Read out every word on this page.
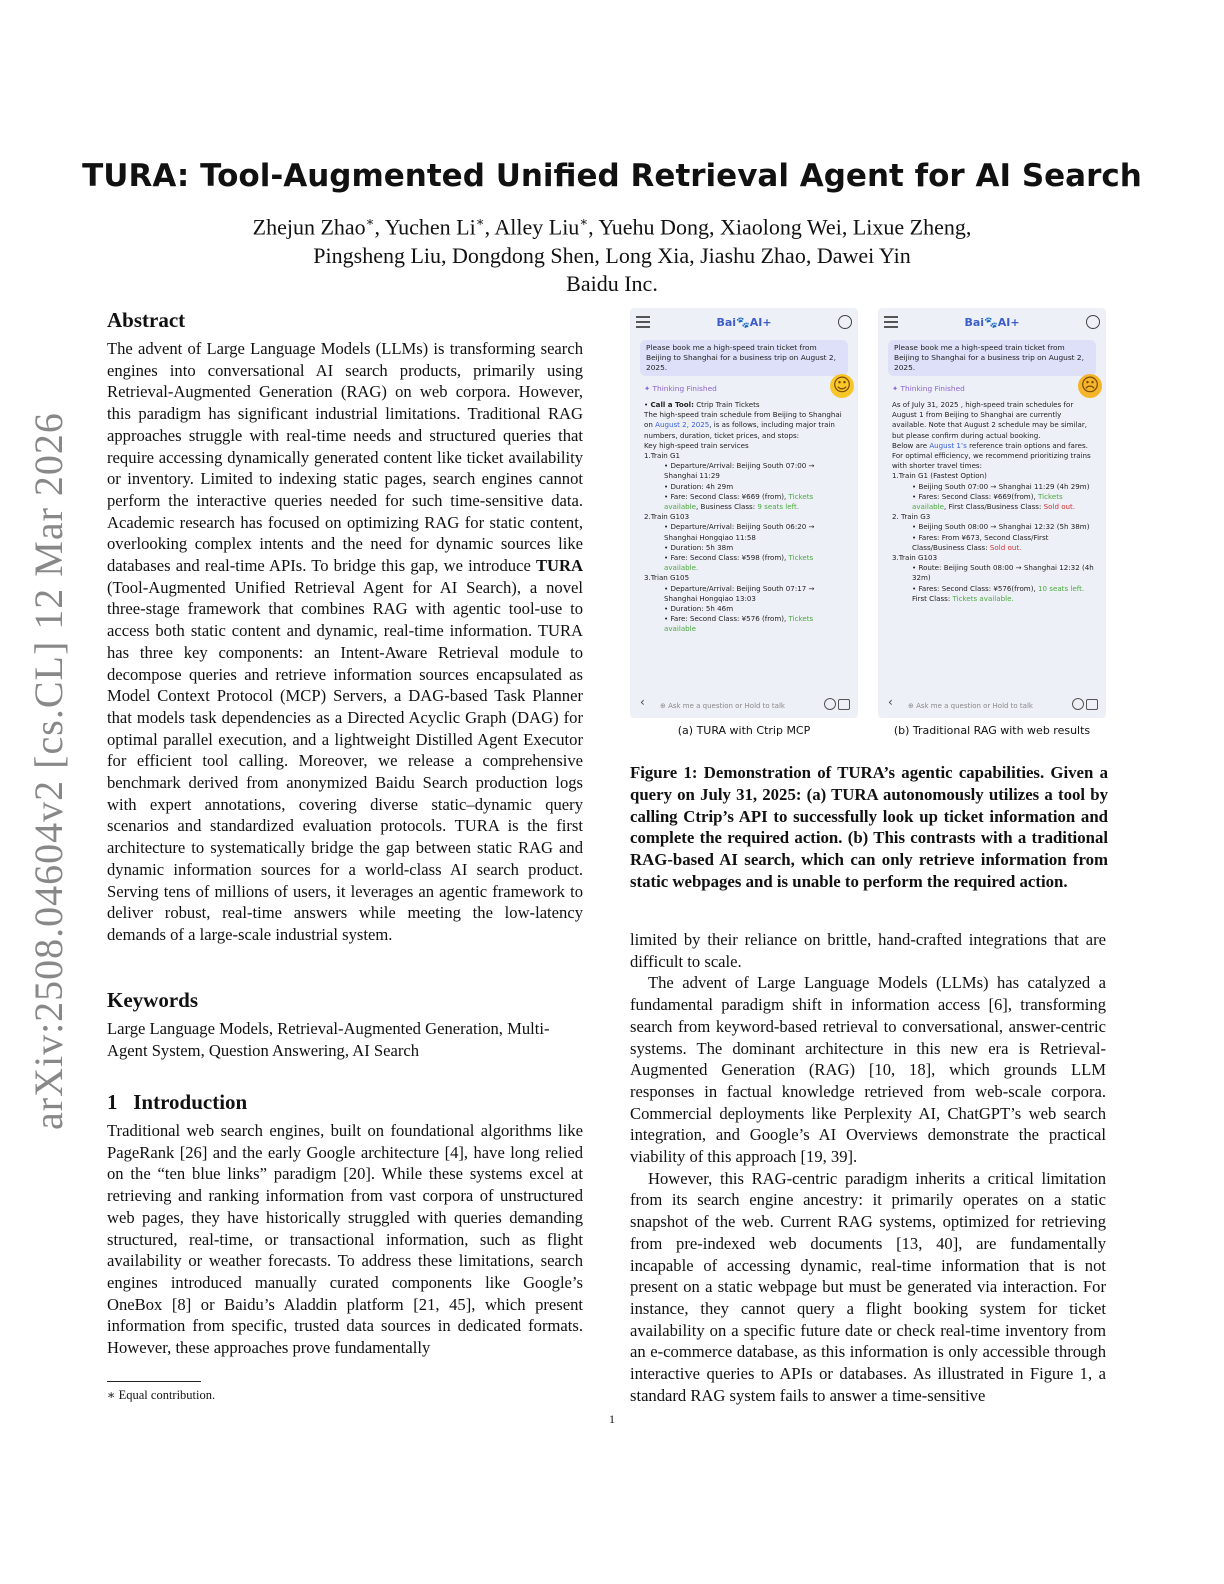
arXiv:2508.04604v2 [cs.CL] 12 Mar 2026
TURA: Tool-Augmented Unified Retrieval Agent for AI Search
Zhejun Zhao∗, Yuchen Li∗, Alley Liu∗, Yuehu Dong, Xiaolong Wei, Lixue Zheng,
Pingsheng Liu, Dongdong Shen, Long Xia, Jiashu Zhao, Dawei Yin
Baidu Inc.
Abstract

The advent of Large Language Models (LLMs) is transforming search engines into conversational AI search products, primarily using Retrieval-Augmented Generation (RAG) on web corpora. However, this paradigm has significant industrial limitations. Traditional RAG approaches struggle with real-time needs and structured queries that require accessing dynamically generated content like ticket availability or inventory. Limited to indexing static pages, search engines cannot perform the interactive queries needed for such time-sensitive data. Academic research has focused on optimizing RAG for static content, overlooking complex intents and the need for dynamic sources like databases and real-time APIs. To bridge this gap, we introduce TURA (Tool-Augmented Unified Retrieval Agent for AI Search), a novel three-stage framework that combines RAG with agentic tool-use to access both static content and dynamic, real-time information. TURA has three key components: an Intent-Aware Retrieval module to decompose queries and retrieve information sources encapsulated as Model Context Protocol (MCP) Servers, a DAG-based Task Planner that models task dependencies as a Directed Acyclic Graph (DAG) for optimal parallel execution, and a lightweight Distilled Agent Executor for efficient tool calling. Moreover, we release a comprehensive benchmark derived from anonymized Baidu Search production logs with expert annotations, covering diverse static–dynamic query scenarios and standardized evaluation protocols. TURA is the first architecture to systematically bridge the gap between static RAG and dynamic information sources for a world-class AI search product. Serving tens of millions of users, it leverages an agentic framework to deliver robust, real-time answers while meeting the low-latency demands of a large-scale industrial system.

Keywords
Large Language Models, Retrieval-Augmented Generation, Multi-Agent System, Question Answering, AI Search
1 Introduction

Traditional web search engines, built on foundational algorithms like PageRank [26] and the early Google architecture [4], have long relied on the “ten blue links” paradigm [20]. While these systems excel at retrieving and ranking information from vast corpora of unstructured web pages, they have historically struggled with queries demanding structured, real-time, or transactional information, such as flight availability or weather forecasts. To address these limitations, search engines introduced manually curated components like Google’s OneBox [8] or Baidu’s Aladdin platform [21, 45], which present information from specific, trusted data sources in dedicated formats. However, these approaches prove fundamentally

∗ Equal contribution.
Bai🐾AI+
Please book me a high-speed train ticket from Beijing to Shanghai for a business trip on August 2, 2025.
✦ Thinking Finished	☺
• Call a Tool: Ctrip Train Tickets
The high-speed train schedule from Beijing to Shanghai on August 2, 2025, is as follows, including major train numbers, duration, ticket prices, and stops:
Key high-speed train services
1.Train G1
• Departure/Arrival: Beijing South 07:00 → Shanghai 11:29
• Duration: 4h 29m
• Fare: Second Class: ¥669 (from), Tickets available, Business Class: 9 seats left.
2.Train G103
• Departure/Arrival: Beijing South 06:20 → Shanghai Hongqiao 11:58
• Duration: 5h 38m
• Fare: Second Class: ¥598 (from), Tickets available.
3.Trian G105
• Departure/Arrival: Beijing South 07:17 → Shanghai Hongqiao 13:03
• Duration: 5h 46m
• Fare: Second Class: ¥576 (from), Tickets available
‹ ⊕ Ask me a question or Hold to talk
(a) TURA with Ctrip MCP
Bai🐾AI+
Please book me a high-speed train ticket from Beijing to Shanghai for a business trip on August 2, 2025.
✦ Thinking Finished	☹
As of July 31, 2025 , high-speed train schedules for August 1 from Beijing to Shanghai are currently available. Note that August 2 schedule may be similar, but please confirm during actual booking.
Below are August 1’s reference train options and fares. For optimal efficiency, we recommend prioritizing trains with shorter travel times:
1.Train G1 (Fastest Option)
• Beijing South 07:00 → Shanghai 11:29 (4h 29m)
• Fares: Second Class: ¥669(from), Tickets available, First Class/Business Class: Sold out.
2. Train G3
• Beijing South 08:00 → Shanghai 12:32 (5h 38m)
• Fares: From ¥673, Second Class/First Class/Business Class: Sold out.
3.Train G103
• Route: Beijing South 08:00 → Shanghai 12:32 (4h 32m)
• Fares: Second Class: ¥576(from), 10 seats left. First Class: Tickets available.
‹ ⊕ Ask me a question or Hold to talk
(b) Traditional RAG with web results
Figure 1: Demonstration of TURA’s agentic capabilities. Given a query on July 31, 2025: (a) TURA autonomously utilizes a tool by calling Ctrip’s API to successfully look up ticket information and complete the required action. (b) This contrasts with a traditional RAG-based AI search, which can only retrieve information from static webpages and is unable to perform the required action.

limited by their reliance on brittle, hand-crafted integrations that are difficult to scale.

The advent of Large Language Models (LLMs) has catalyzed a fundamental paradigm shift in information access [6], transforming search from keyword-based retrieval to conversational, answer-centric systems. The dominant architecture in this new era is Retrieval-Augmented Generation (RAG) [10, 18], which grounds LLM responses in factual knowledge retrieved from web-scale corpora. Commercial deployments like Perplexity AI, ChatGPT’s web search integration, and Google’s AI Overviews demonstrate the practical viability of this approach [19, 39].

However, this RAG-centric paradigm inherits a critical limitation from its search engine ancestry: it primarily operates on a static snapshot of the web. Current RAG systems, optimized for retrieving from pre-indexed web documents [13, 40], are fundamentally incapable of accessing dynamic, real-time information that is not present on a static webpage but must be generated via interaction. For instance, they cannot query a flight booking system for ticket availability on a specific future date or check real-time inventory from an e-commerce database, as this information is only accessible through interactive queries to APIs or databases. As illustrated in Figure 1, a standard RAG system fails to answer a time-sensitive

1
